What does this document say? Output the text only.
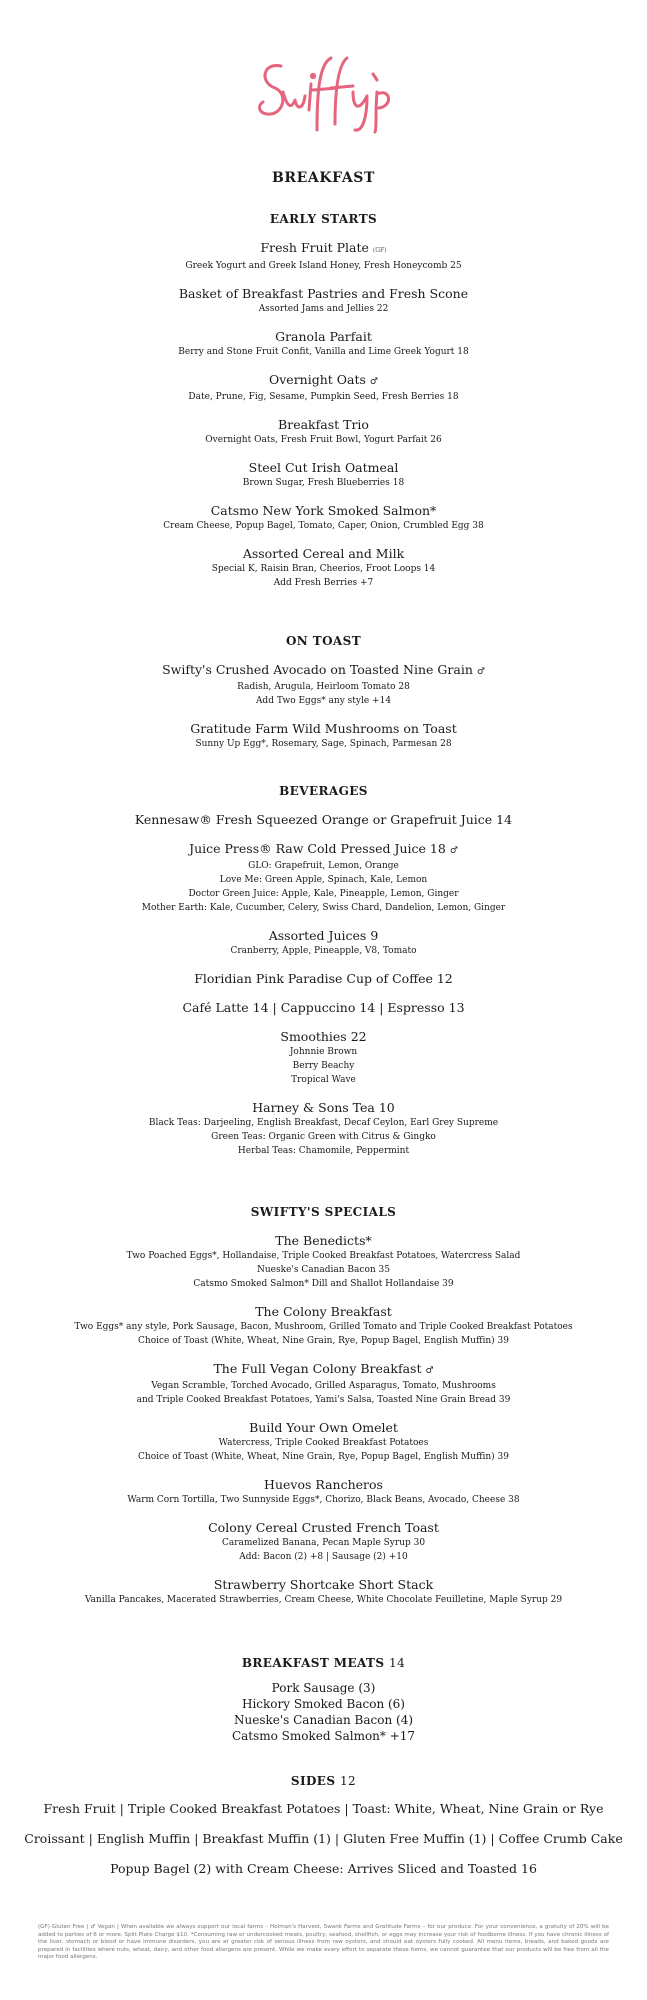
BREAKFAST
EARLY STARTS
Fresh Fruit Plate (GF)
Greek Yogurt and Greek Island Honey, Fresh Honeycomb 25
Basket of Breakfast Pastries and Fresh Scone
Assorted Jams and Jellies 22
Granola Parfait
Berry and Stone Fruit Confit, Vanilla and Lime Greek Yogurt 18
Overnight Oats ♂
Date, Prune, Fig, Sesame, Pumpkin Seed, Fresh Berries 18
Breakfast Trio
Overnight Oats, Fresh Fruit Bowl, Yogurt Parfait 26
Steel Cut Irish Oatmeal
Brown Sugar, Fresh Blueberries 18
Catsmo New York Smoked Salmon*
Cream Cheese, Popup Bagel, Tomato, Caper, Onion, Crumbled Egg 38
Assorted Cereal and Milk
Special K, Raisin Bran, Cheerios, Froot Loops 14
Add Fresh Berries +7
ON TOAST
Swifty's Crushed Avocado on Toasted Nine Grain ♂
Radish, Arugula, Heirloom Tomato 28
Add Two Eggs* any style +14
Gratitude Farm Wild Mushrooms on Toast
Sunny Up Egg*, Rosemary, Sage, Spinach, Parmesan 28
BEVERAGES
Kennesaw® Fresh Squeezed Orange or Grapefruit Juice 14
Juice Press® Raw Cold Pressed Juice 18 ♂
GLO: Grapefruit, Lemon, Orange
Love Me: Green Apple, Spinach, Kale, Lemon
Doctor Green Juice: Apple, Kale, Pineapple, Lemon, Ginger
Mother Earth: Kale, Cucumber, Celery, Swiss Chard, Dandelion, Lemon, Ginger
Assorted Juices 9
Cranberry, Apple, Pineapple, V8, Tomato
Floridian Pink Paradise Cup of Coffee 12
Café Latte 14 | Cappuccino 14 | Espresso 13
Smoothies 22
Johnnie Brown
Berry Beachy
Tropical Wave
Harney & Sons Tea 10
Black Teas: Darjeeling, English Breakfast, Decaf Ceylon, Earl Grey Supreme
Green Teas: Organic Green with Citrus & Gingko
Herbal Teas: Chamomile, Peppermint
SWIFTY'S SPECIALS
The Benedicts*
Two Poached Eggs*, Hollandaise, Triple Cooked Breakfast Potatoes, Watercress Salad
Nueske's Canadian Bacon 35
Catsmo Smoked Salmon* Dill and Shallot Hollandaise 39
The Colony Breakfast
Two Eggs* any style, Pork Sausage, Bacon, Mushroom, Grilled Tomato and Triple Cooked Breakfast Potatoes
Choice of Toast (White, Wheat, Nine Grain, Rye, Popup Bagel, English Muffin) 39
The Full Vegan Colony Breakfast ♂
Vegan Scramble, Torched Avocado, Grilled Asparagus, Tomato, Mushrooms
and Triple Cooked Breakfast Potatoes, Yami's Salsa, Toasted Nine Grain Bread 39
Build Your Own Omelet
Watercress, Triple Cooked Breakfast Potatoes
Choice of Toast (White, Wheat, Nine Grain, Rye, Popup Bagel, English Muffin) 39
Huevos Rancheros
Warm Corn Tortilla, Two Sunnyside Eggs*, Chorizo, Black Beans, Avocado, Cheese 38
Colony Cereal Crusted French Toast
Caramelized Banana, Pecan Maple Syrup 30
Add: Bacon (2) +8 | Sausage (2) +10
Strawberry Shortcake Short Stack
Vanilla Pancakes, Macerated Strawberries, Cream Cheese, White Chocolate Feuilletine, Maple Syrup 29
BREAKFAST MEATS 14
Pork Sausage (3)
Hickory Smoked Bacon (6)
Nueske's Canadian Bacon (4)
Catsmo Smoked Salmon* +17
SIDES 12
Fresh Fruit | Triple Cooked Breakfast Potatoes | Toast: White, Wheat, Nine Grain or Rye
Croissant | English Muffin | Breakfast Muffin (1) | Gluten Free Muffin (1) | Coffee Crumb Cake
Popup Bagel (2) with Cream Cheese: Arrives Sliced and Toasted 16
(GF) Gluten Free | ♂ Vegan | When available we always support our local farms – Holman's Harvest, Swank Farms and Gratitude Farms – for our produce. For your convenience, a gratuity of 20% will be added to parties of 6 or more. Split Plate Charge $10. *Consuming raw or undercooked meats, poultry, seafood, shellfish, or eggs may increase your risk of foodborne illness. If you have chronic illness of the liver, stomach or blood or have immune disorders, you are at greater risk of serious illness from raw oysters, and should eat oysters fully cooked. All menu items, breads, and baked goods are prepared in facilities where nuts, wheat, dairy, and other food allergens are present. While we make every effort to separate these items, we cannot guarantee that our products will be free from all the major food allergens.
